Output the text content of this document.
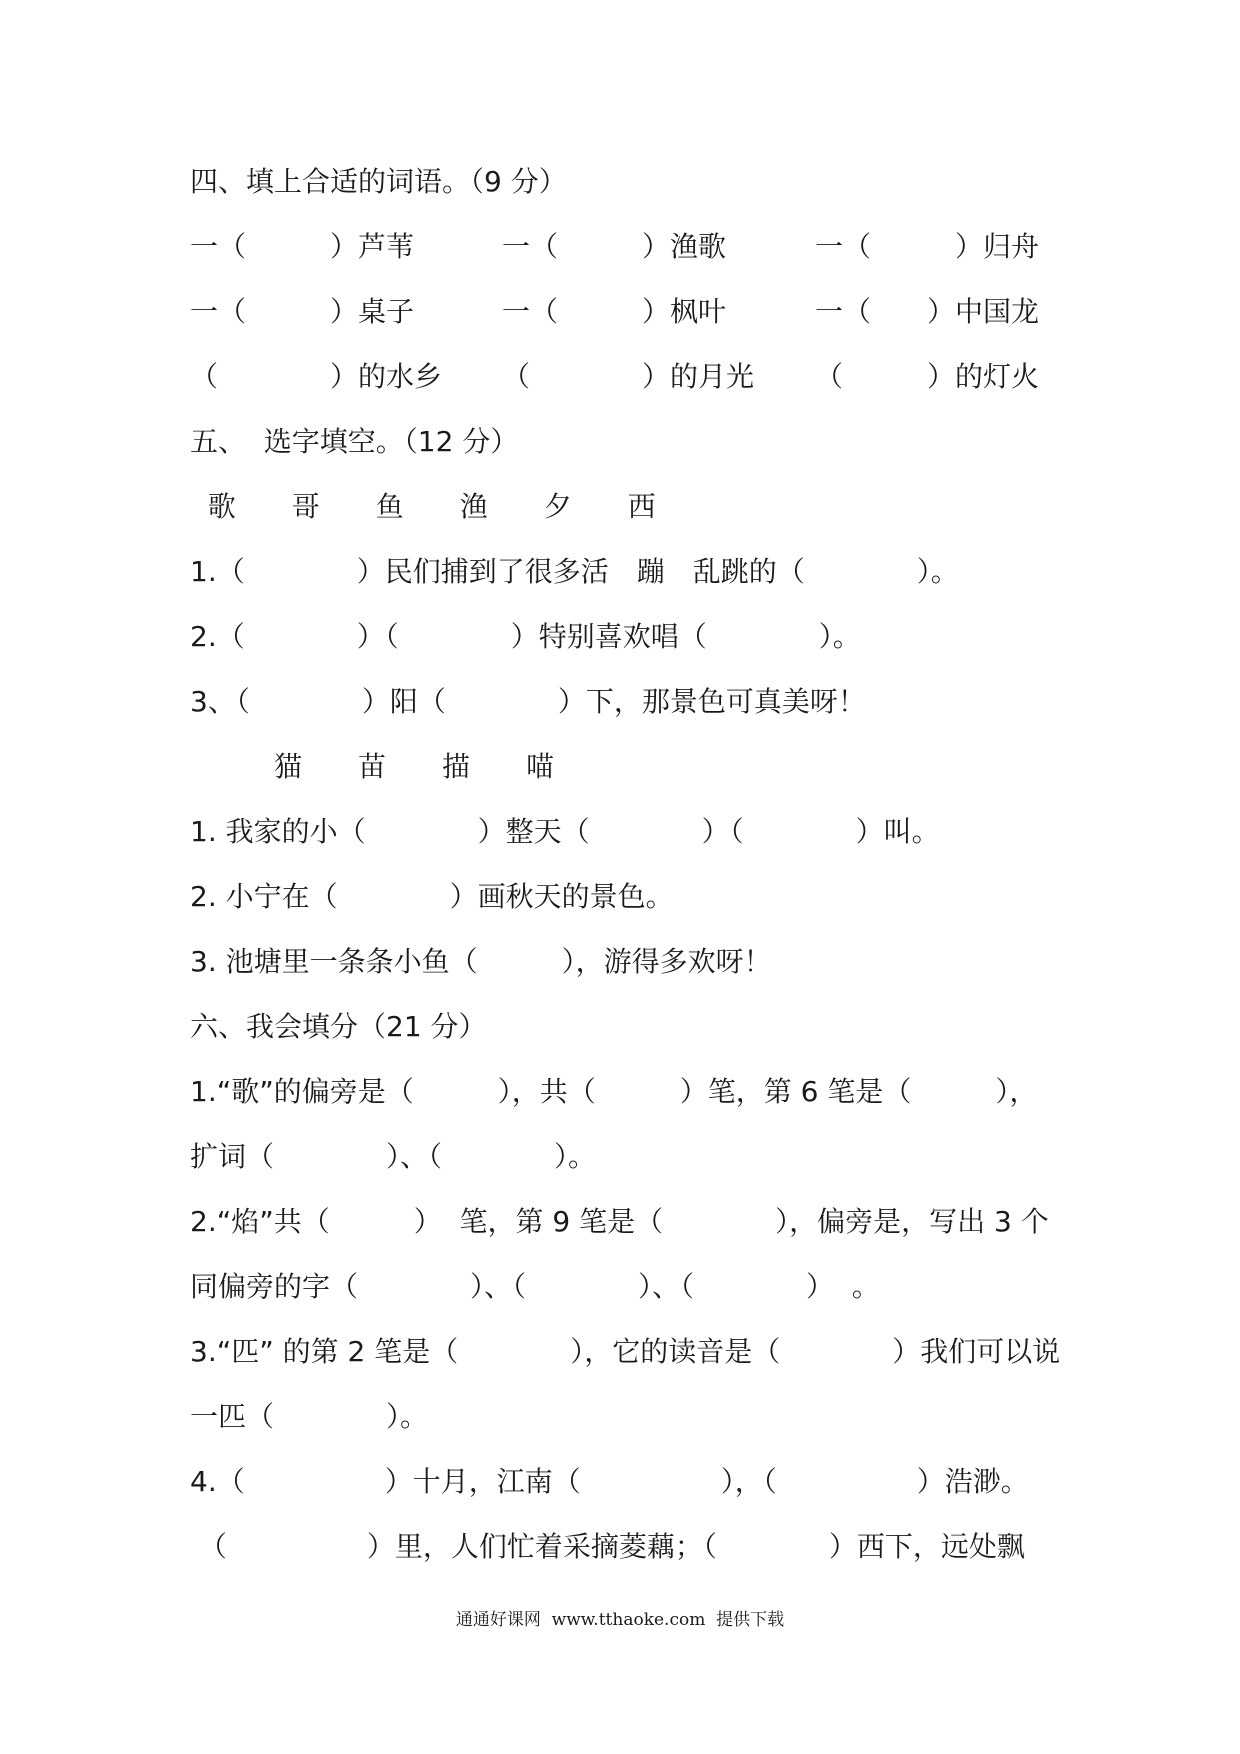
四、填上合适的词语。（9 分）
一（　　　）芦苇	一（　　　）渔歌	一（　　　）归舟
一（　　　）桌子	一（　　　）枫叶	一（　　）中国龙
（　　　　）的水乡 （　　　　）的月光 （　　　）的灯火
五、  选字填空。（12 分）
歌　　哥　　鱼　　渔　　夕　　西
1.（　　　　）民们捕到了很多活　蹦　乱跳的（　　　　）。
2.（　　　　）（　　　　）特别喜欢唱（　　　　）。
3、（　　　　）阳（　　　　）下，那景色可真美呀！
　　　猫　　苗　　描　　喵
1. 我家的小（　　　　）整天（　　　　）（　　　　）叫。
2. 小宁在（　　　　）画秋天的景色。
3. 池塘里一条条小鱼（　　　），游得多欢呀！
六、我会填分（21 分）
1.“歌”的偏旁是（　　　），共（　　　）笔，第 6 笔是（　　　），
扩词（　　　　）、（　　　　）。
2.“焰”共（　　　）  笔，第 9 笔是（　　　　），偏旁是，写出 3 个
同偏旁的字（　　　　）、（　　　　）、（　　　　）  。
3.“匹” 的第 2 笔是（　　　　），它的读音是（　　　　）我们可以说
一匹（　　　　）。
4.（　　　　　）十月，江南（　　　　　），（　　　　　）浩渺。
（　　　　　）里，人们忙着采摘菱藕；（　　　　）西下，远处飘
通通好课网  www.tthaoke.com  提供下载
